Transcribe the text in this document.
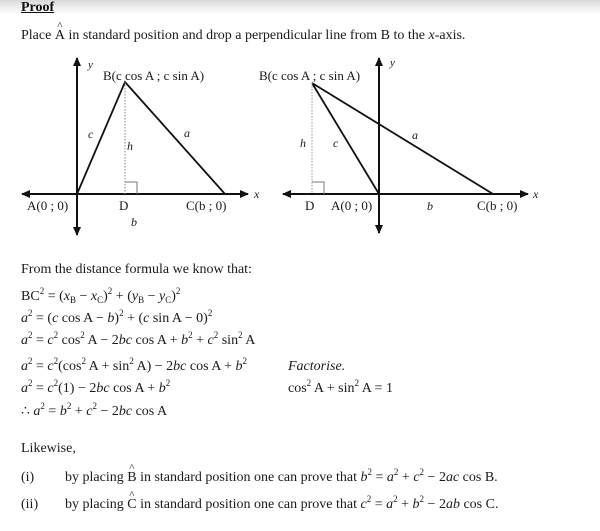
Proof
Place ^ A in standard position and drop a perpendicular line from B to the x-axis.
y
B(c cos A ; c sin A)
c	a
h
A(0 ; 0)	D	C(b ; 0)
b
x
y
B(c cos A ; c sin A)
h c
a
D A(0 ; 0)	b	C(b ; 0)
x
From the distance formula we know that:
$BC^2 = (x_B - x_C)^2 + (y_B - y_C)^2$
$a^2 = (c$ cos A − b)$^2$ + (c sin A − 0)$^2$
$a^2 = c^2$ $\cos^2 A - 2bc$ $\cos A + b^2 + c^2$ $\sin^2 A$
$a^2 = c^2(\cos^2$ $A + \sin^2 A) - 2bc$ $\cos A + b^2$
$a^2 = c^2(1) - 2bc$ $\cos A + b^2$
∴ $a^2 = b^2 + c^2 - 2bc$ cos A
Factorise.
$\cos^2 A + \sin^2 A = 1$
Likewise,
(i) by placing ^ B in standard position one can prove that $b^2 = a^2 + c^2 - 2ac$ cos B.
(ii) by placing ^ C in standard position one can prove that $c^2 = a^2 + b^2 - 2ab$ cos C.
